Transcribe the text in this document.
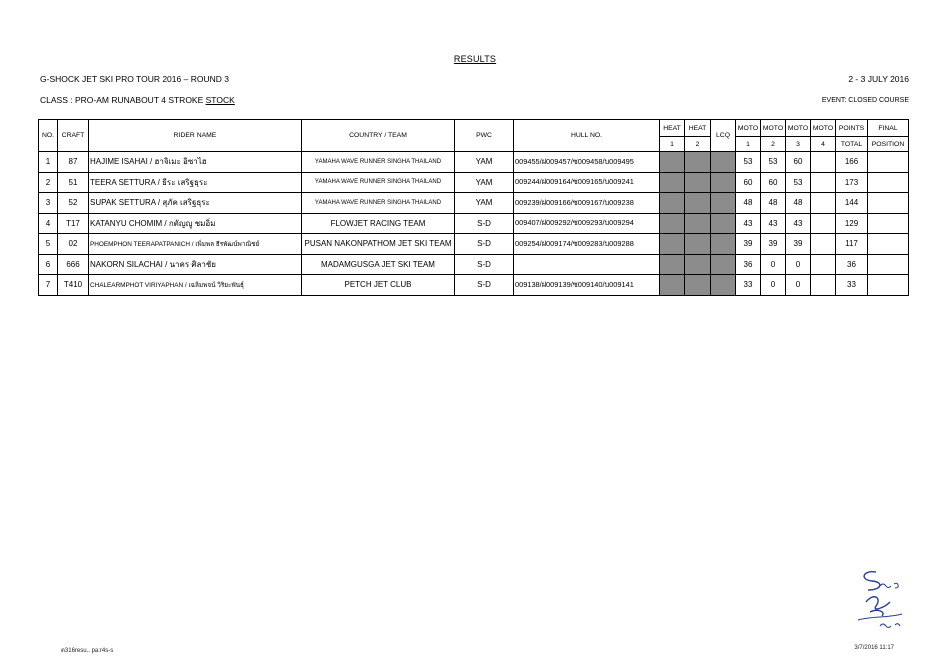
RESULTS
G-SHOCK JET SKI PRO TOUR 2016 – ROUND 3	2 - 3 JULY 2016
CLASS : PRO-AM RUNABOUT 4 STROKE STOCK	EVENT: CLOSED COURSE
NO.	CRAFT	RIDER NAME	COUNTRY / TEAM	PWC	HULL NO.	HEAT	HEAT	LCQ	MOTO	MOTO	MOTO	MOTO	POINTS	FINAL
						1	2		1	2	3	4	TOTAL	POSITION
1	87	HAJIME ISAHAI / ฮาจิเมะ อิซาไฮ	YAMAHA WAVE RUNNER SINGHA THAILAND	YAM	009455/ฝ009457/ซ009458/บ009495				53	53	60		166	
2	51	TEERA SETTURA / ธีระ เสริฐธุระ	YAMAHA WAVE RUNNER SINGHA THAILAND	YAM	009244/ฝ009164/ซ009165/บ009241				60	60	53		173	
3	52	SUPAK SETTURA / สุภัค เสริฐธุระ	YAMAHA WAVE RUNNER SINGHA THAILAND	YAM	009239/ฝ009166/ซ009167/บ009238				48	48	48		144	
4	T17	KATANYU CHOMIM / กตัญญู ชมอิ่ม	FLOWJET RACING TEAM	S-D	009407/ฝ009292/ซ009293/บ009294				43	43	43		129	
5	02	PHOEMPHON TEERAPATPANICH / เพิ่มพล ธีรพัฒน์พาณิชย์	PUSAN NAKONPATHOM JET SKI TEAM	S-D	009254/ฝ009174/ซ009283/บ009288				39	39	39		117	
6	666	NAKORN SILACHAI / นาคร ศิลาชัย	MADAMGUSGA JET SKI TEAM	S-D					36	0	0		36	
7	T410	CHALEARMPHOT VIRIYAPHAN / เฉลิมพจน์ วิริยะพันธุ์	PETCH JET CLUB	S-D	009138/ฝ009139/ซ009140/บ009141				33	0	0		33	
ต316resu.. pa:r4s-s	3/7/2016 11:17
